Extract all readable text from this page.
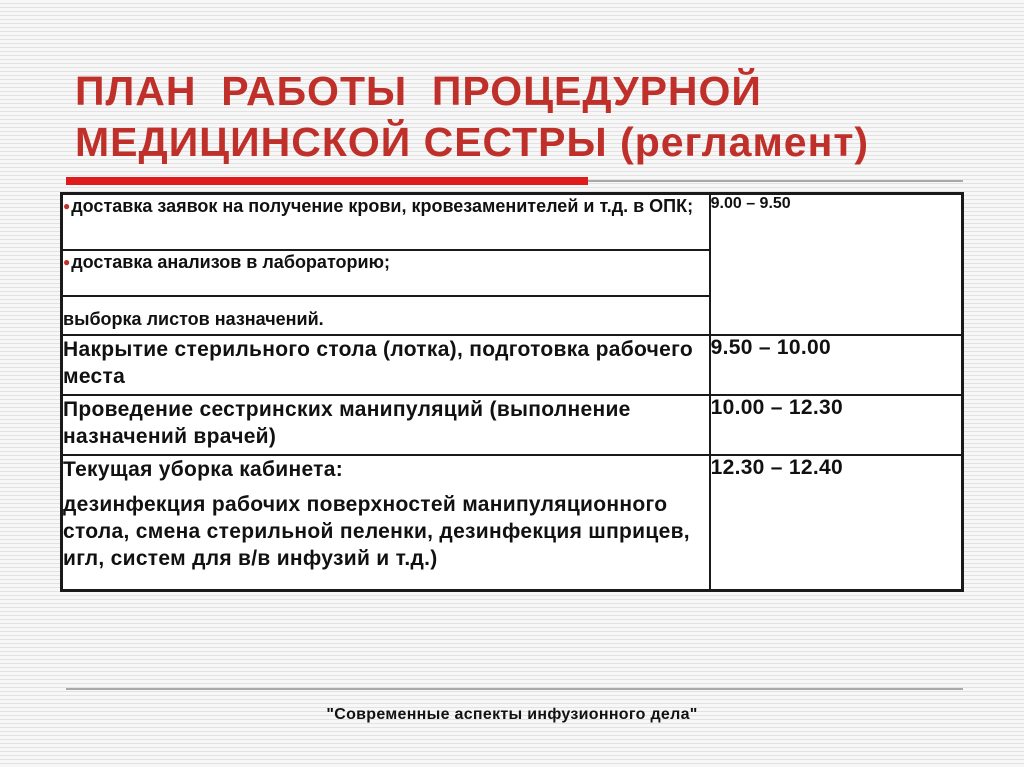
ПЛАН  РАБОТЫ  ПРОЦЕДУРНОЙ
МЕДИЦИНСКОЙ СЕСТРЫ (регламент)
●доставка заявок на получение крови, кровезаменителей и т.д. в ОПК;	9.00 – 9.50
●доставка анализов в лабораторию;	
выборка листов назначений.	
Накрытие стерильного стола (лотка), подготовка рабочего места	9.50 – 10.00
Проведение сестринских манипуляций (выполнение назначений врачей)	10.00 – 12.30
Текущая уборка кабинета:
дезинфекция рабочих поверхностей манипуляционного стола, смена стерильной пеленки, дезинфекция шприцев, игл, систем для в/в инфузий и т.д.)	12.30 – 12.40
"Современные аспекты инфузионного дела"
